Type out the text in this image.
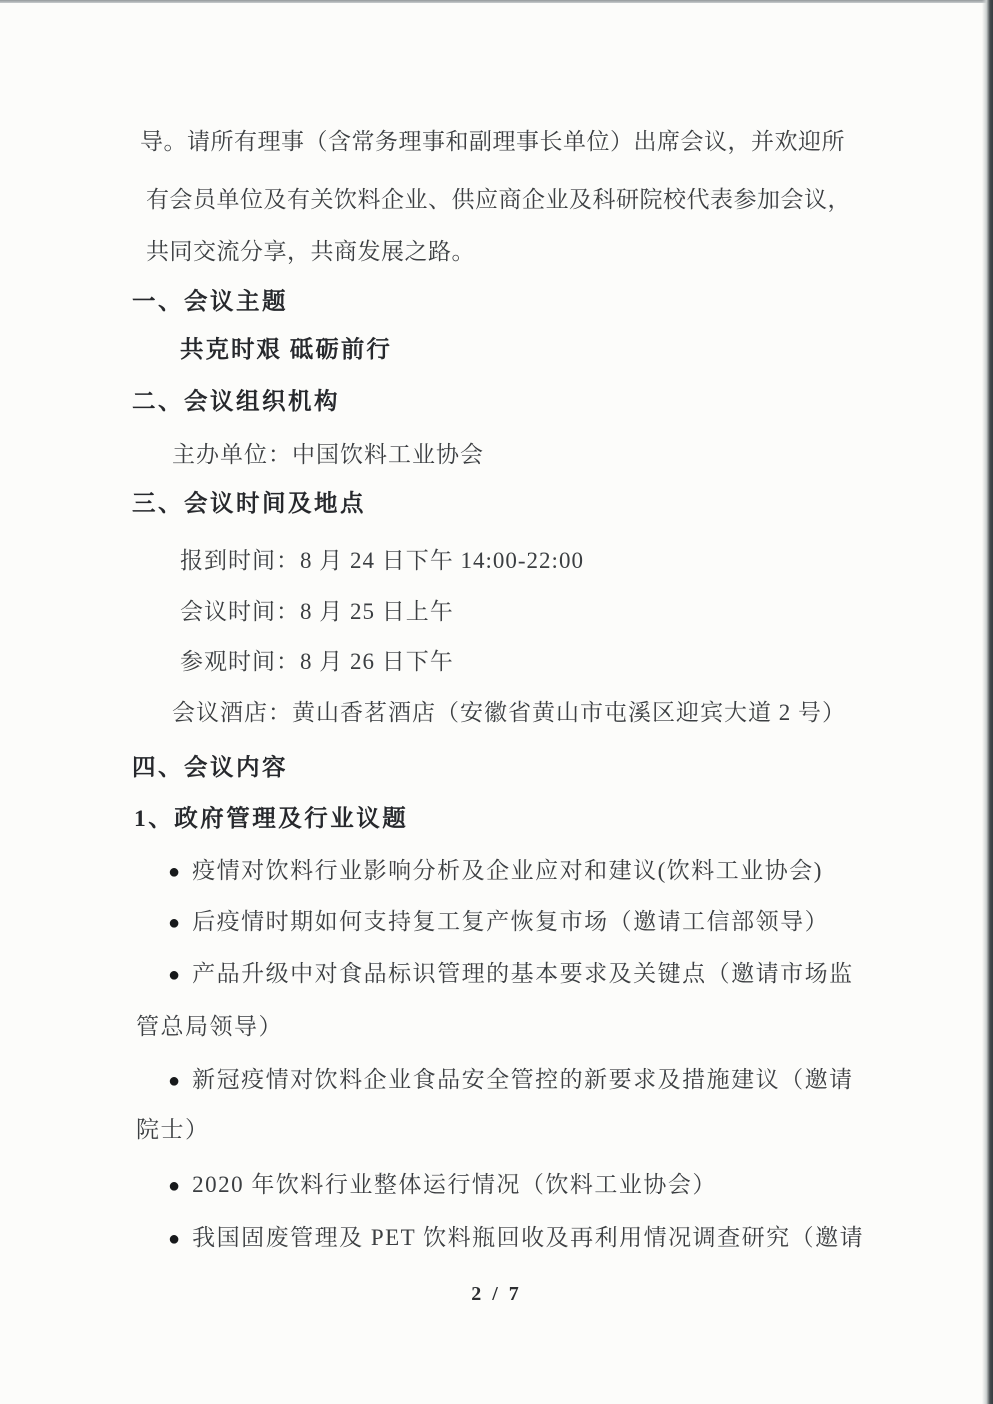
导。请所有理事（含常务理事和副理事长单位）出席会议，并欢迎所
有会员单位及有关饮料企业、供应商企业及科研院校代表参加会议，
共同交流分享，共商发展之路。
一、会议主题
共克时艰 砥砺前行
二、会议组织机构
主办单位：中国饮料工业协会
三、会议时间及地点
报到时间：8 月 24 日下午 14:00-22:00
会议时间：8 月 25 日上午
参观时间：8 月 26 日下午
会议酒店：黄山香茗酒店（安徽省黄山市屯溪区迎宾大道 2 号）
四、会议内容
1、政府管理及行业议题
● 疫情对饮料行业影响分析及企业应对和建议(饮料工业协会)
● 后疫情时期如何支持复工复产恢复市场（邀请工信部领导）
● 产品升级中对食品标识管理的基本要求及关键点（邀请市场监
管总局领导）
● 新冠疫情对饮料企业食品安全管控的新要求及措施建议（邀请
院士）
● 2020 年饮料行业整体运行情况（饮料工业协会）
● 我国固废管理及 PET 饮料瓶回收及再利用情况调查研究（邀请
2 / 7
